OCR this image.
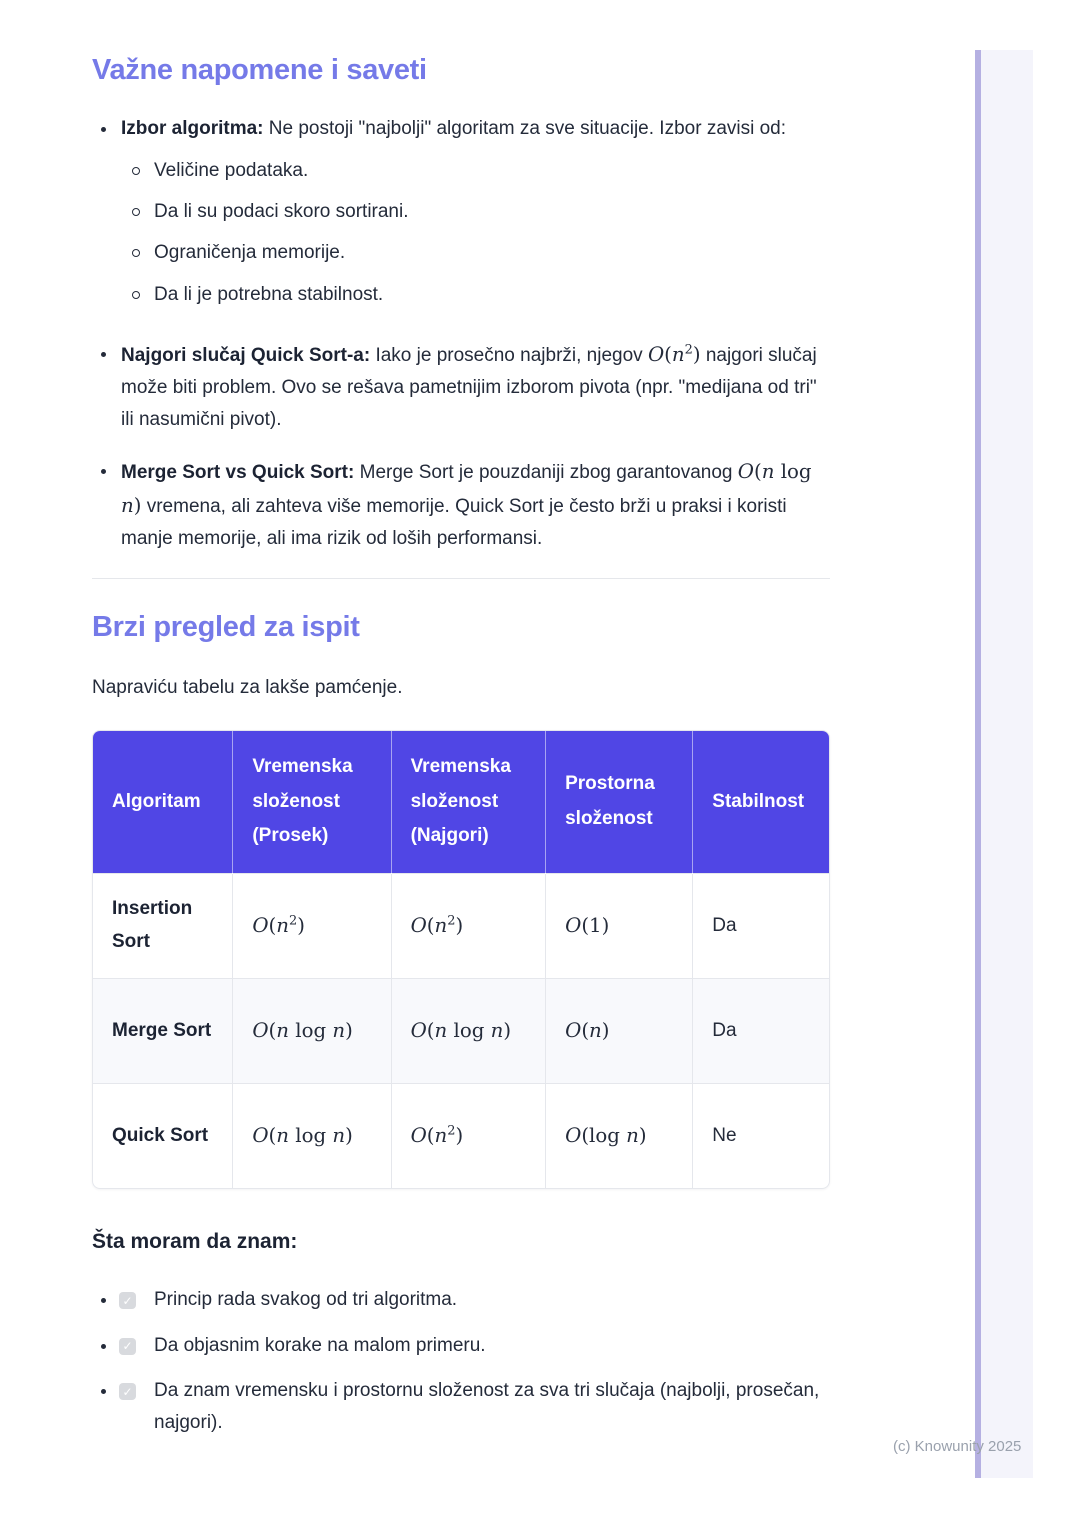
(c) Knowunity 2025
Važne napomene i saveti

Izbor algoritma: Ne postoji "najbolji" algoritam za sve situacije. Izbor zavisi od:

Veličine podataka.
Da li su podaci skoro sortirani.
Ograničenja memorije.
Da li je potrebna stabilnost.

Najgori slučaj Quick Sort-a: Iako je prosečno najbrži, njegov $O(n^2)$ najgori slučaj može biti problem. Ovo se rešava pametnijim izborom pivota (npr. "medijana od tri" ili nasumični pivot).

Merge Sort vs Quick Sort: Merge Sort je pouzdaniji zbog garantovanog O(n log n) vremena, ali zahteva više memorije. Quick Sort je često brži u praksi i koristi manje memorije, ali ima rizik od loših performansi.

Brzi pregled za ispit

Napraviću tabelu za lakše pamćenje.

Algoritam	Vremenska složenost (Prosek)	Vremenska složenost (Najgori)	Prostorna složenost	Stabilnost
Insertion Sort	$O(n^2)$	$O(n^2)$	O(1)	Da
Merge Sort	O(n log n)	O(n log n)	O(n)	Da
Quick Sort	O(n log n)	$O(n^2)$	O(log n)	Ne
Šta moram da znam:
✓ Princip rada svakog od tri algoritma.
✓ Da objasnim korake na malom primeru.
✓ Da znam vremensku i prostornu složenost za sva tri slučaja (najbolji, prosečan, najgori).
